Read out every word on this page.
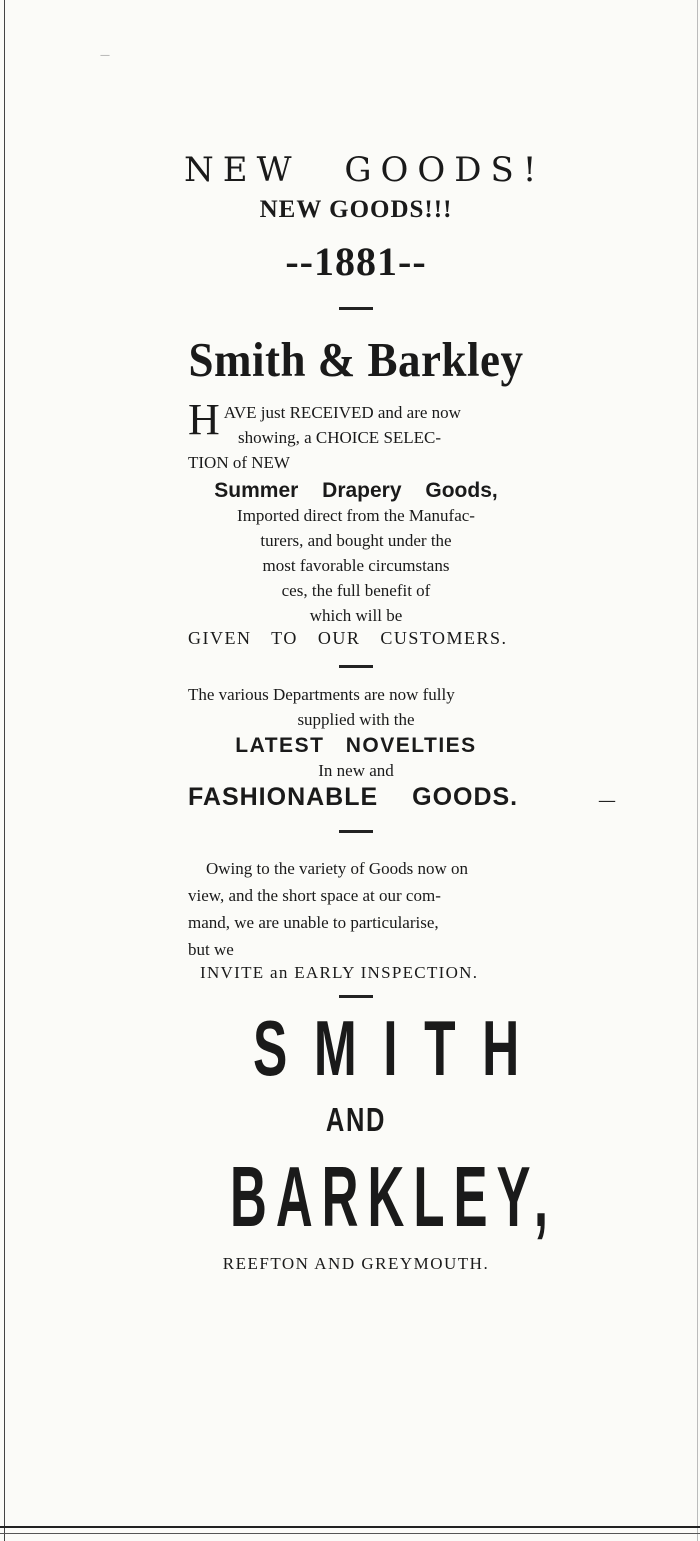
—
—
NEW GOODS!
NEW GOODS!!!
--1881--
Smith & Barkley
H AVE just RECEIVED and are now
showing, a CHOICE SELEC-
TION of NEW
Summer Drapery Goods,
Imported direct from the Manufac-
turers, and bought under the
most favorable circumstans
ces, the full benefit of
which will be
GIVEN TO OUR CUSTOMERS.
The various Departments are now fully
supplied with the
LATEST NOVELTIES
In new and
FASHIONABLE GOODS.
Owing to the variety of Goods now on
view, and the short space at our com-
mand, we are unable to particularise,
but we
INVITE an EARLY INSPECTION.
SMITH
AND
BARKLEY,
REEFTON AND GREYMOUTH.
